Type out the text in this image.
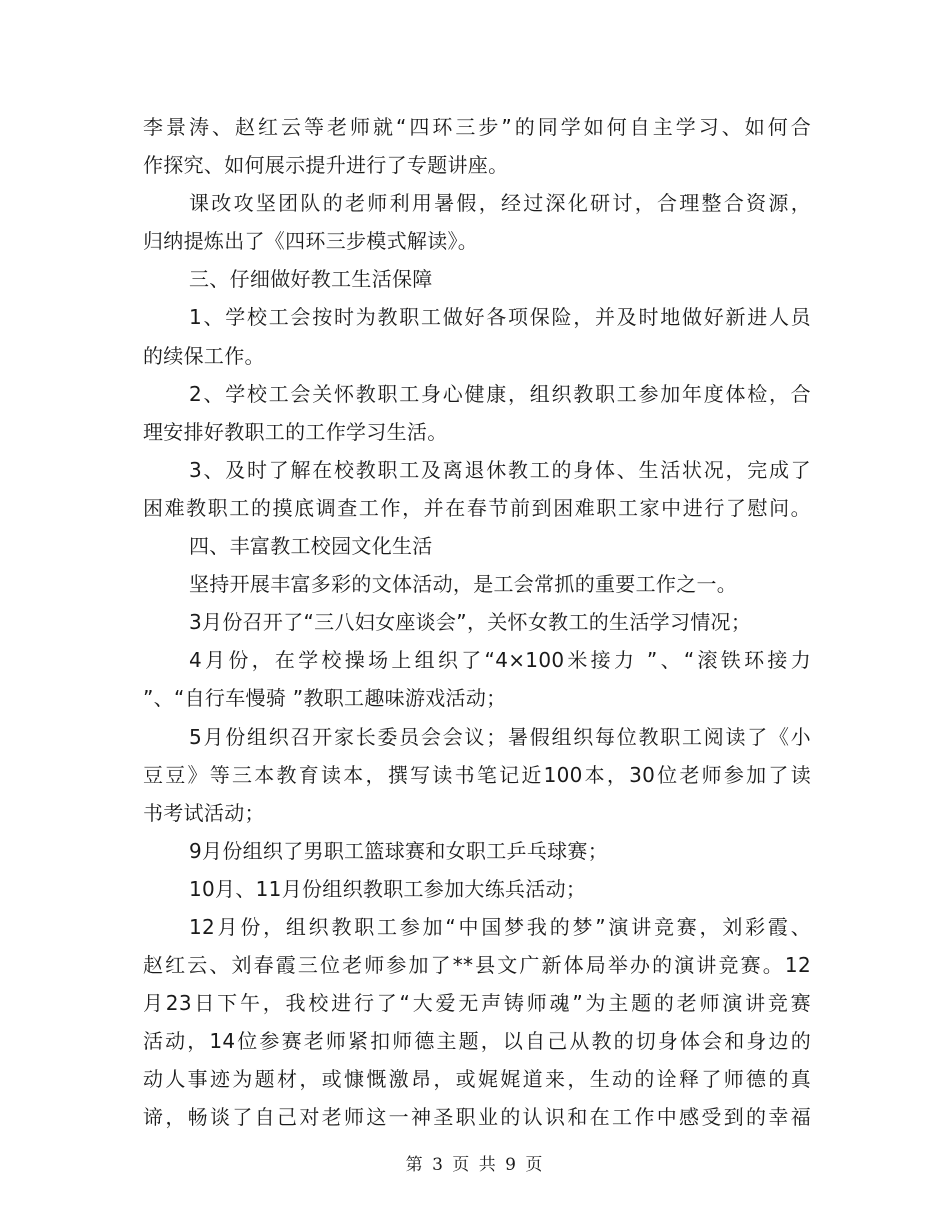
李景涛、赵红云等老师就“四环三步”的同学如何自主学习、如何合
作探究、如何展示提升进行了专题讲座。
课改攻坚团队的老师利用暑假，经过深化研讨，合理整合资源，
归纳提炼出了《四环三步模式解读》。
三、仔细做好教工生活保障
1、学校工会按时为教职工做好各项保险，并及时地做好新进人员
的续保工作。
2、学校工会关怀教职工身心健康，组织教职工参加年度体检，合
理安排好教职工的工作学习生活。
3、及时了解在校教职工及离退休教工的身体、生活状况，完成了
困难教职工的摸底调查工作，并在春节前到困难职工家中进行了慰问。
四、丰富教工校园文化生活
坚持开展丰富多彩的文体活动，是工会常抓的重要工作之一。
3月份召开了“三八妇女座谈会”，关怀女教工的生活学习情况；
4月份，在学校操场上组织了“4×100米接力 ”、“滚铁环接力
”、“自行车慢骑 ”教职工趣味游戏活动；
5月份组织召开家长委员会会议；暑假组织每位教职工阅读了《小
豆豆》等三本教育读本，撰写读书笔记近100本，30位老师参加了读
书考试活动；
9月份组织了男职工篮球赛和女职工乒乓球赛；
10月、11月份组织教职工参加大练兵活动；
12月份，组织教职工参加“中国梦我的梦”演讲竞赛，刘彩霞、
赵红云、刘春霞三位老师参加了**县文广新体局举办的演讲竞赛。12
月23日下午，我校进行了“大爱无声铸师魂”为主题的老师演讲竞赛
活动，14位参赛老师紧扣师德主题，以自己从教的切身体会和身边的
动人事迹为题材，或慷慨激昂，或娓娓道来，生动的诠释了师德的真
谛，畅谈了自己对老师这一神圣职业的认识和在工作中感受到的幸福
第 3 页 共 9 页
